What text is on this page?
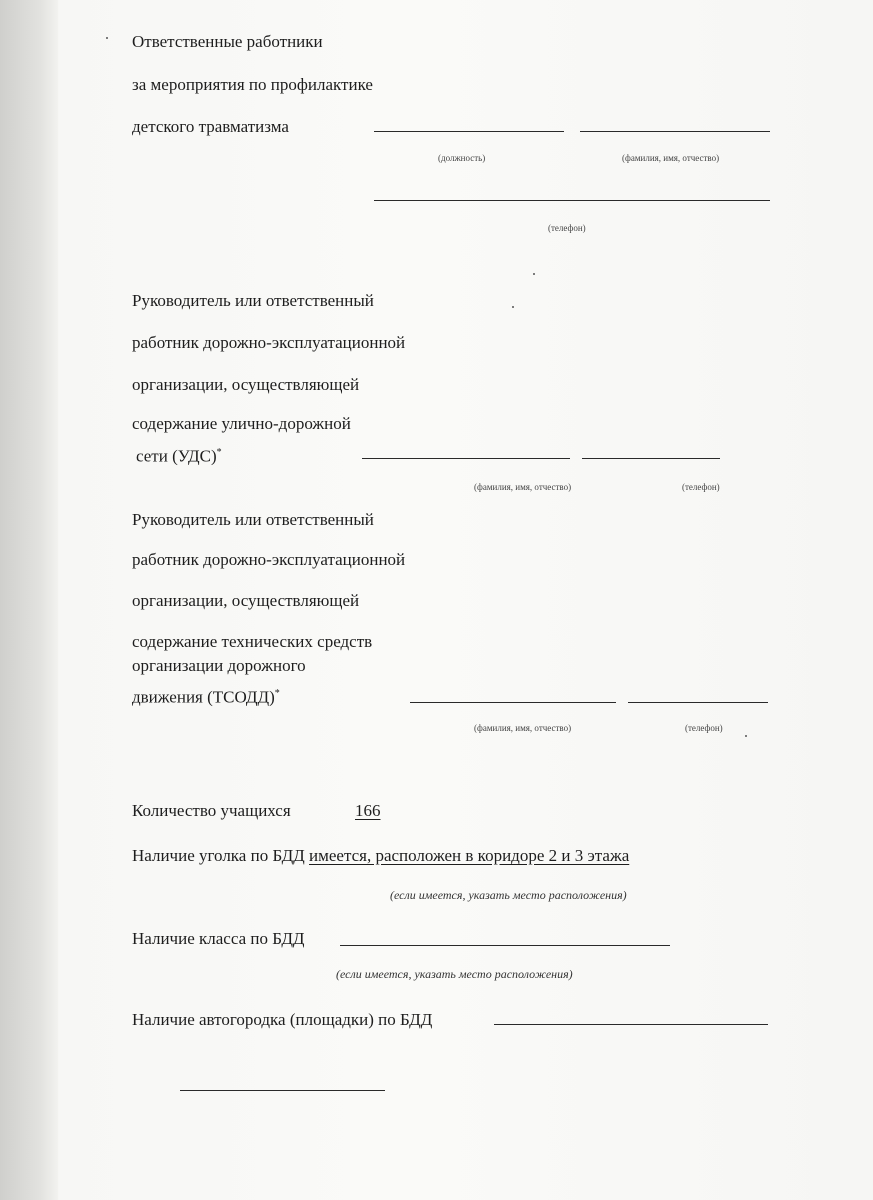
Ответственные работники
за мероприятия по профилактике
детского травматизма
(должность)	(фамилия, имя, отчество)
(телефон)
Руководитель или ответственный
работник дорожно-эксплуатационной
организации, осуществляющей
содержание улично-дорожной
сети (УДС)*
(фамилия, имя, отчество)	(телефон)
Руководитель или ответственный
работник дорожно-эксплуатационной
организации, осуществляющей
содержание технических средств
организации дорожного
движения (ТСОДД)*
(фамилия, имя, отчество)	(телефон)
Количество учащихся	166
Наличие уголка по БДД имеется, расположен в коридоре 2 и 3 этажа
(если имеется, указать место расположения)
Наличие класса по БДД
(если имеется, указать место расположения)
Наличие автогородка (площадки) по БДД
